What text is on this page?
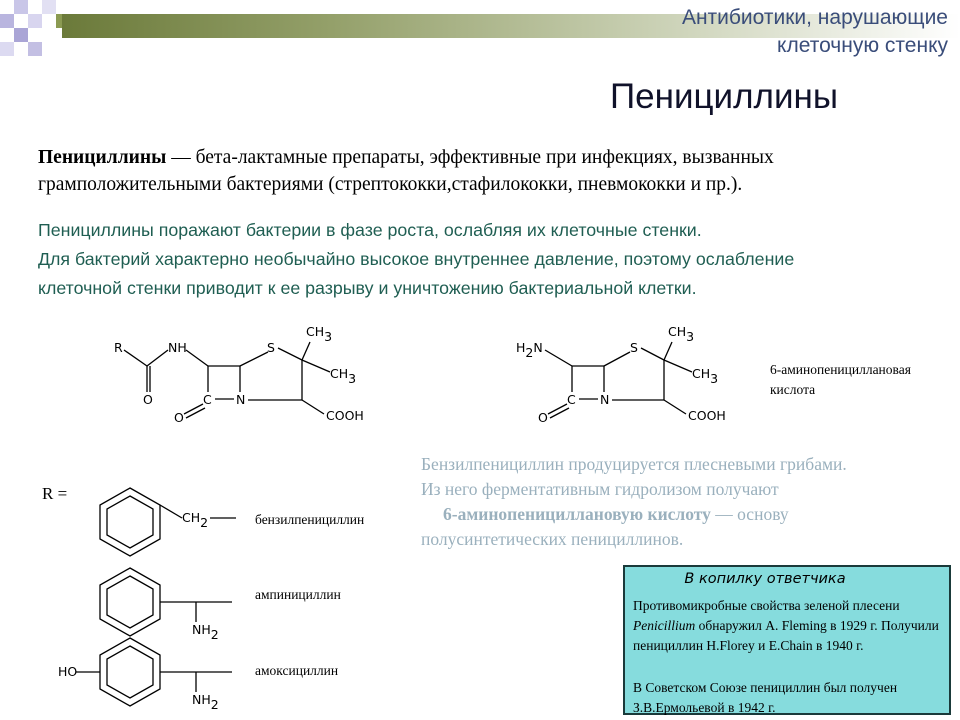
Антибиотики, нарушающие
клеточную стенку
Пенициллины
Пенициллины — бета-лактамные препараты, эффективные при инфекциях, вызванных грамположительными бактериями (стрептококки,стафилококки, пневмококки и пр.).
Пенициллины поражают бактерии в фазе роста, ослабляя их клеточные стенки.
Для бактерий характерно необычайно высокое внутреннее давление, поэтому ослабление
клеточной стенки приводит к ее разрыву и уничтожению бактериальной клетки.
R	NH
O	C N
O
S
CH3
CH3
COOH
H2N
C N
O
S
CH3
CH3
COOH
CH2
NH2
HO
NH2
6-аминопенициллановая кислота
R =
бензилпенициллин
ампинициллин
амоксициллин
Бензилпенициллин продуцируется плесневыми грибами.
Из него ферментативным гидролизом получают
6-аминопенициллановую кислоту — основу
полусинтетических пенициллинов.
В копилку ответчика
Противомикробные свойства зеленой плесени Penicillium обнаружил A. Fleming в 1929 г. Получили пенициллин H.Florey и E.Chain в 1940 г.
В Советском Союзе пенициллин был получен З.В.Ермольевой в 1942 г.
